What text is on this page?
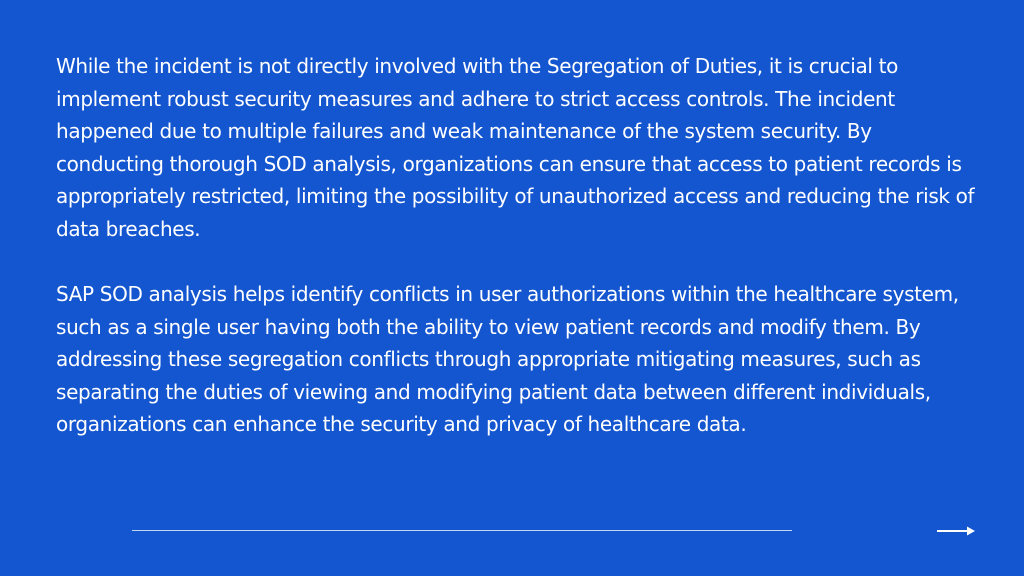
While the incident is not directly involved with the Segregation of Duties, it is crucial to implement robust security measures and adhere to strict access controls. The incident happened due to multiple failures and weak maintenance of the system security. By conducting thorough SOD analysis, organizations can ensure that access to patient records is appropriately restricted, limiting the possibility of unauthorized access and reducing the risk of data breaches.

SAP SOD analysis helps identify conflicts in user authorizations within the healthcare system, such as a single user having both the ability to view patient records and modify them. By addressing these segregation conflicts through appropriate mitigating measures, such as separating the duties of viewing and modifying patient data between different individuals, organizations can enhance the security and privacy of healthcare data.
